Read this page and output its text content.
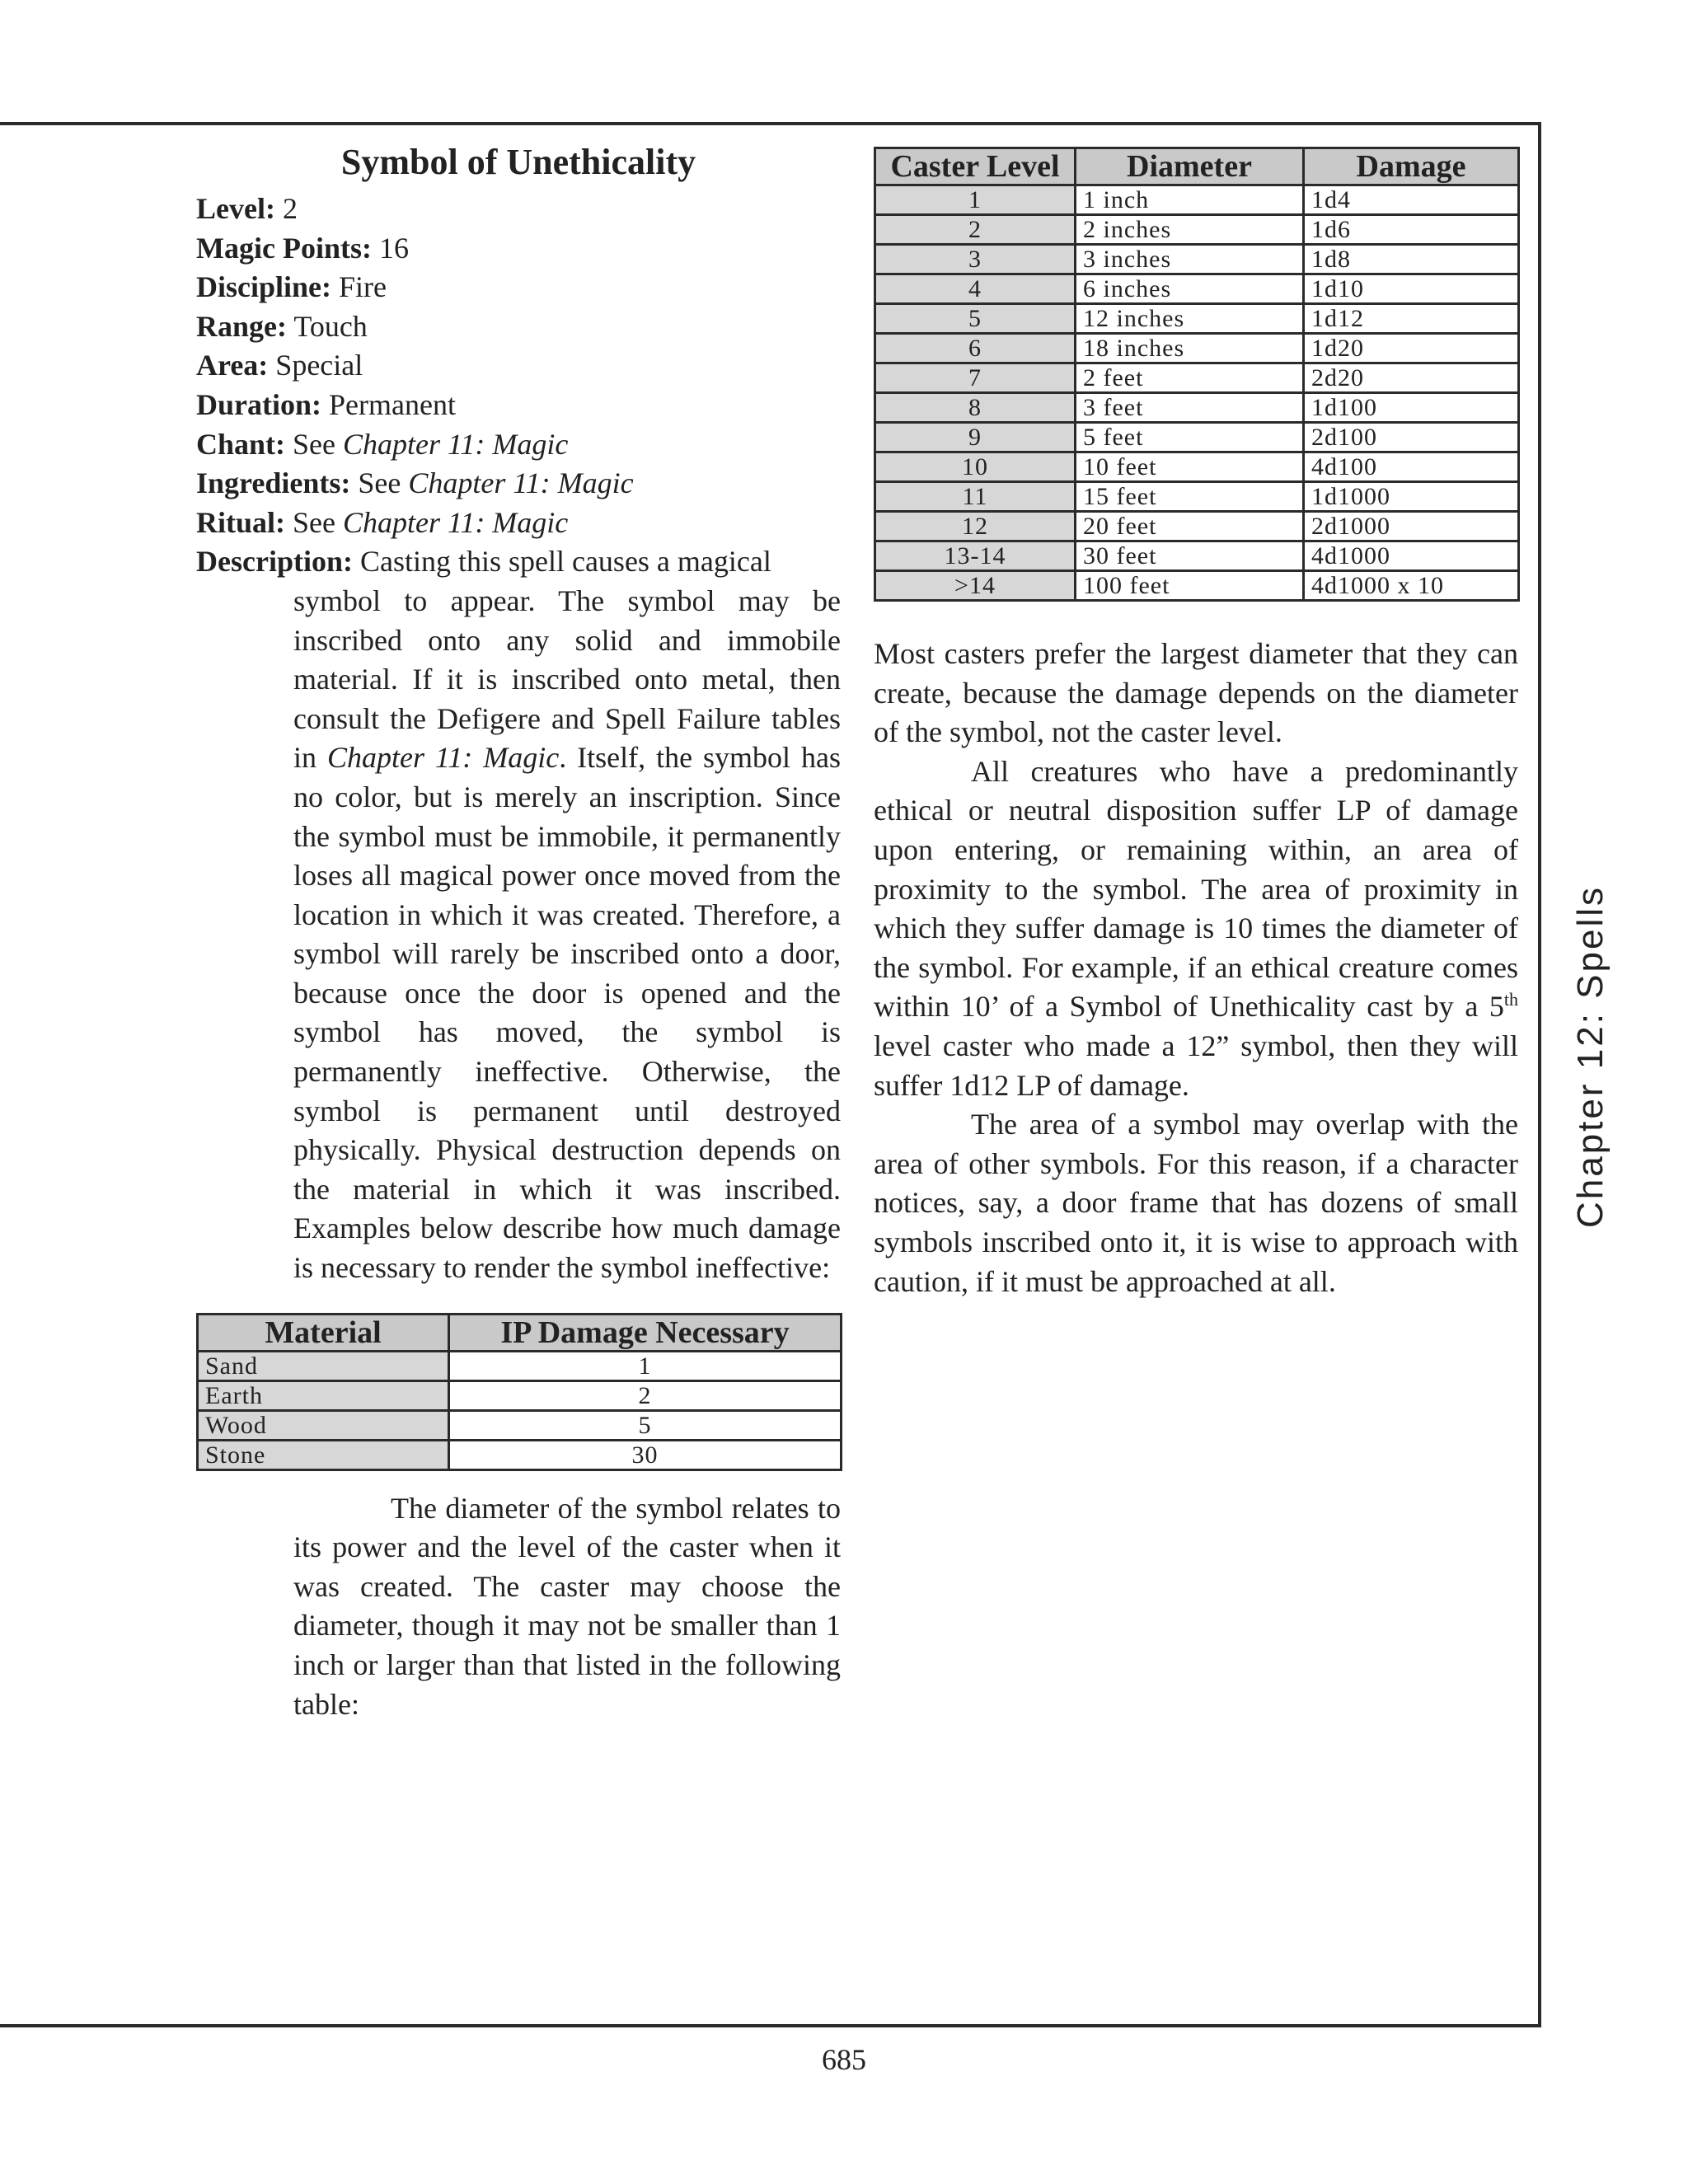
Chapter 12: Spells
Symbol of Unethicality

Level: 2

Magic Points: 16

Discipline: Fire

Range: Touch

Area: Special

Duration: Permanent

Chant: See Chapter 11: Magic

Ingredients: See Chapter 11: Magic

Ritual: See Chapter 11: Magic

Description: Casting this spell causes a magical

symbol to appear. The symbol may be inscribed onto any solid and immobile material. If it is inscribed onto metal, then consult the Defigere and Spell Failure tables in Chapter 11: Magic. Itself, the symbol has no color, but is merely an inscription. Since the symbol must be immobile, it permanently loses all magical power once moved from the location in which it was created. Therefore, a symbol will rarely be inscribed onto a door, because once the door is opened and the symbol has moved, the symbol is permanently ineffective. Otherwise, the symbol is permanent until destroyed physically. Physical destruction depends on the material in which it was inscribed. Examples below describe how much damage is necessary to render the symbol ineffective:

Material	IP Damage Necessary
Sand	1
Earth	2
Wood	5
Stone	30

The diameter of the symbol relates to its power and the level of the caster when it was created. The caster may choose the diameter, though it may not be smaller than 1 inch or larger than that listed in the following table:

Caster Level	Diameter	Damage
1	1 inch	1d4
2	2 inches	1d6
3	3 inches	1d8
4	6 inches	1d10
5	12 inches	1d12
6	18 inches	1d20
7	2 feet	2d20
8	3 feet	1d100
9	5 feet	2d100
10	10 feet	4d100
11	15 feet	1d1000
12	20 feet	2d1000
13-14	30 feet	4d1000
>14	100 feet	4d1000 x 10

Most casters prefer the largest diameter that they can create, because the damage depends on the diameter of the symbol, not the caster level.

All creatures who have a predominantly ethical or neutral disposition suffer LP of damage upon entering, or remaining within, an area of proximity to the symbol. The area of proximity in which they suffer damage is 10 times the diameter of the symbol. For example, if an ethical creature comes within 10’ of a Symbol of Unethicality cast by a 5th level caster who made a 12” symbol, then they will suffer 1d12 LP of damage.

The area of a symbol may overlap with the area of other symbols. For this reason, if a character notices, say, a door frame that has dozens of small symbols inscribed onto it, it is wise to approach with caution, if it must be approached at all.

685
